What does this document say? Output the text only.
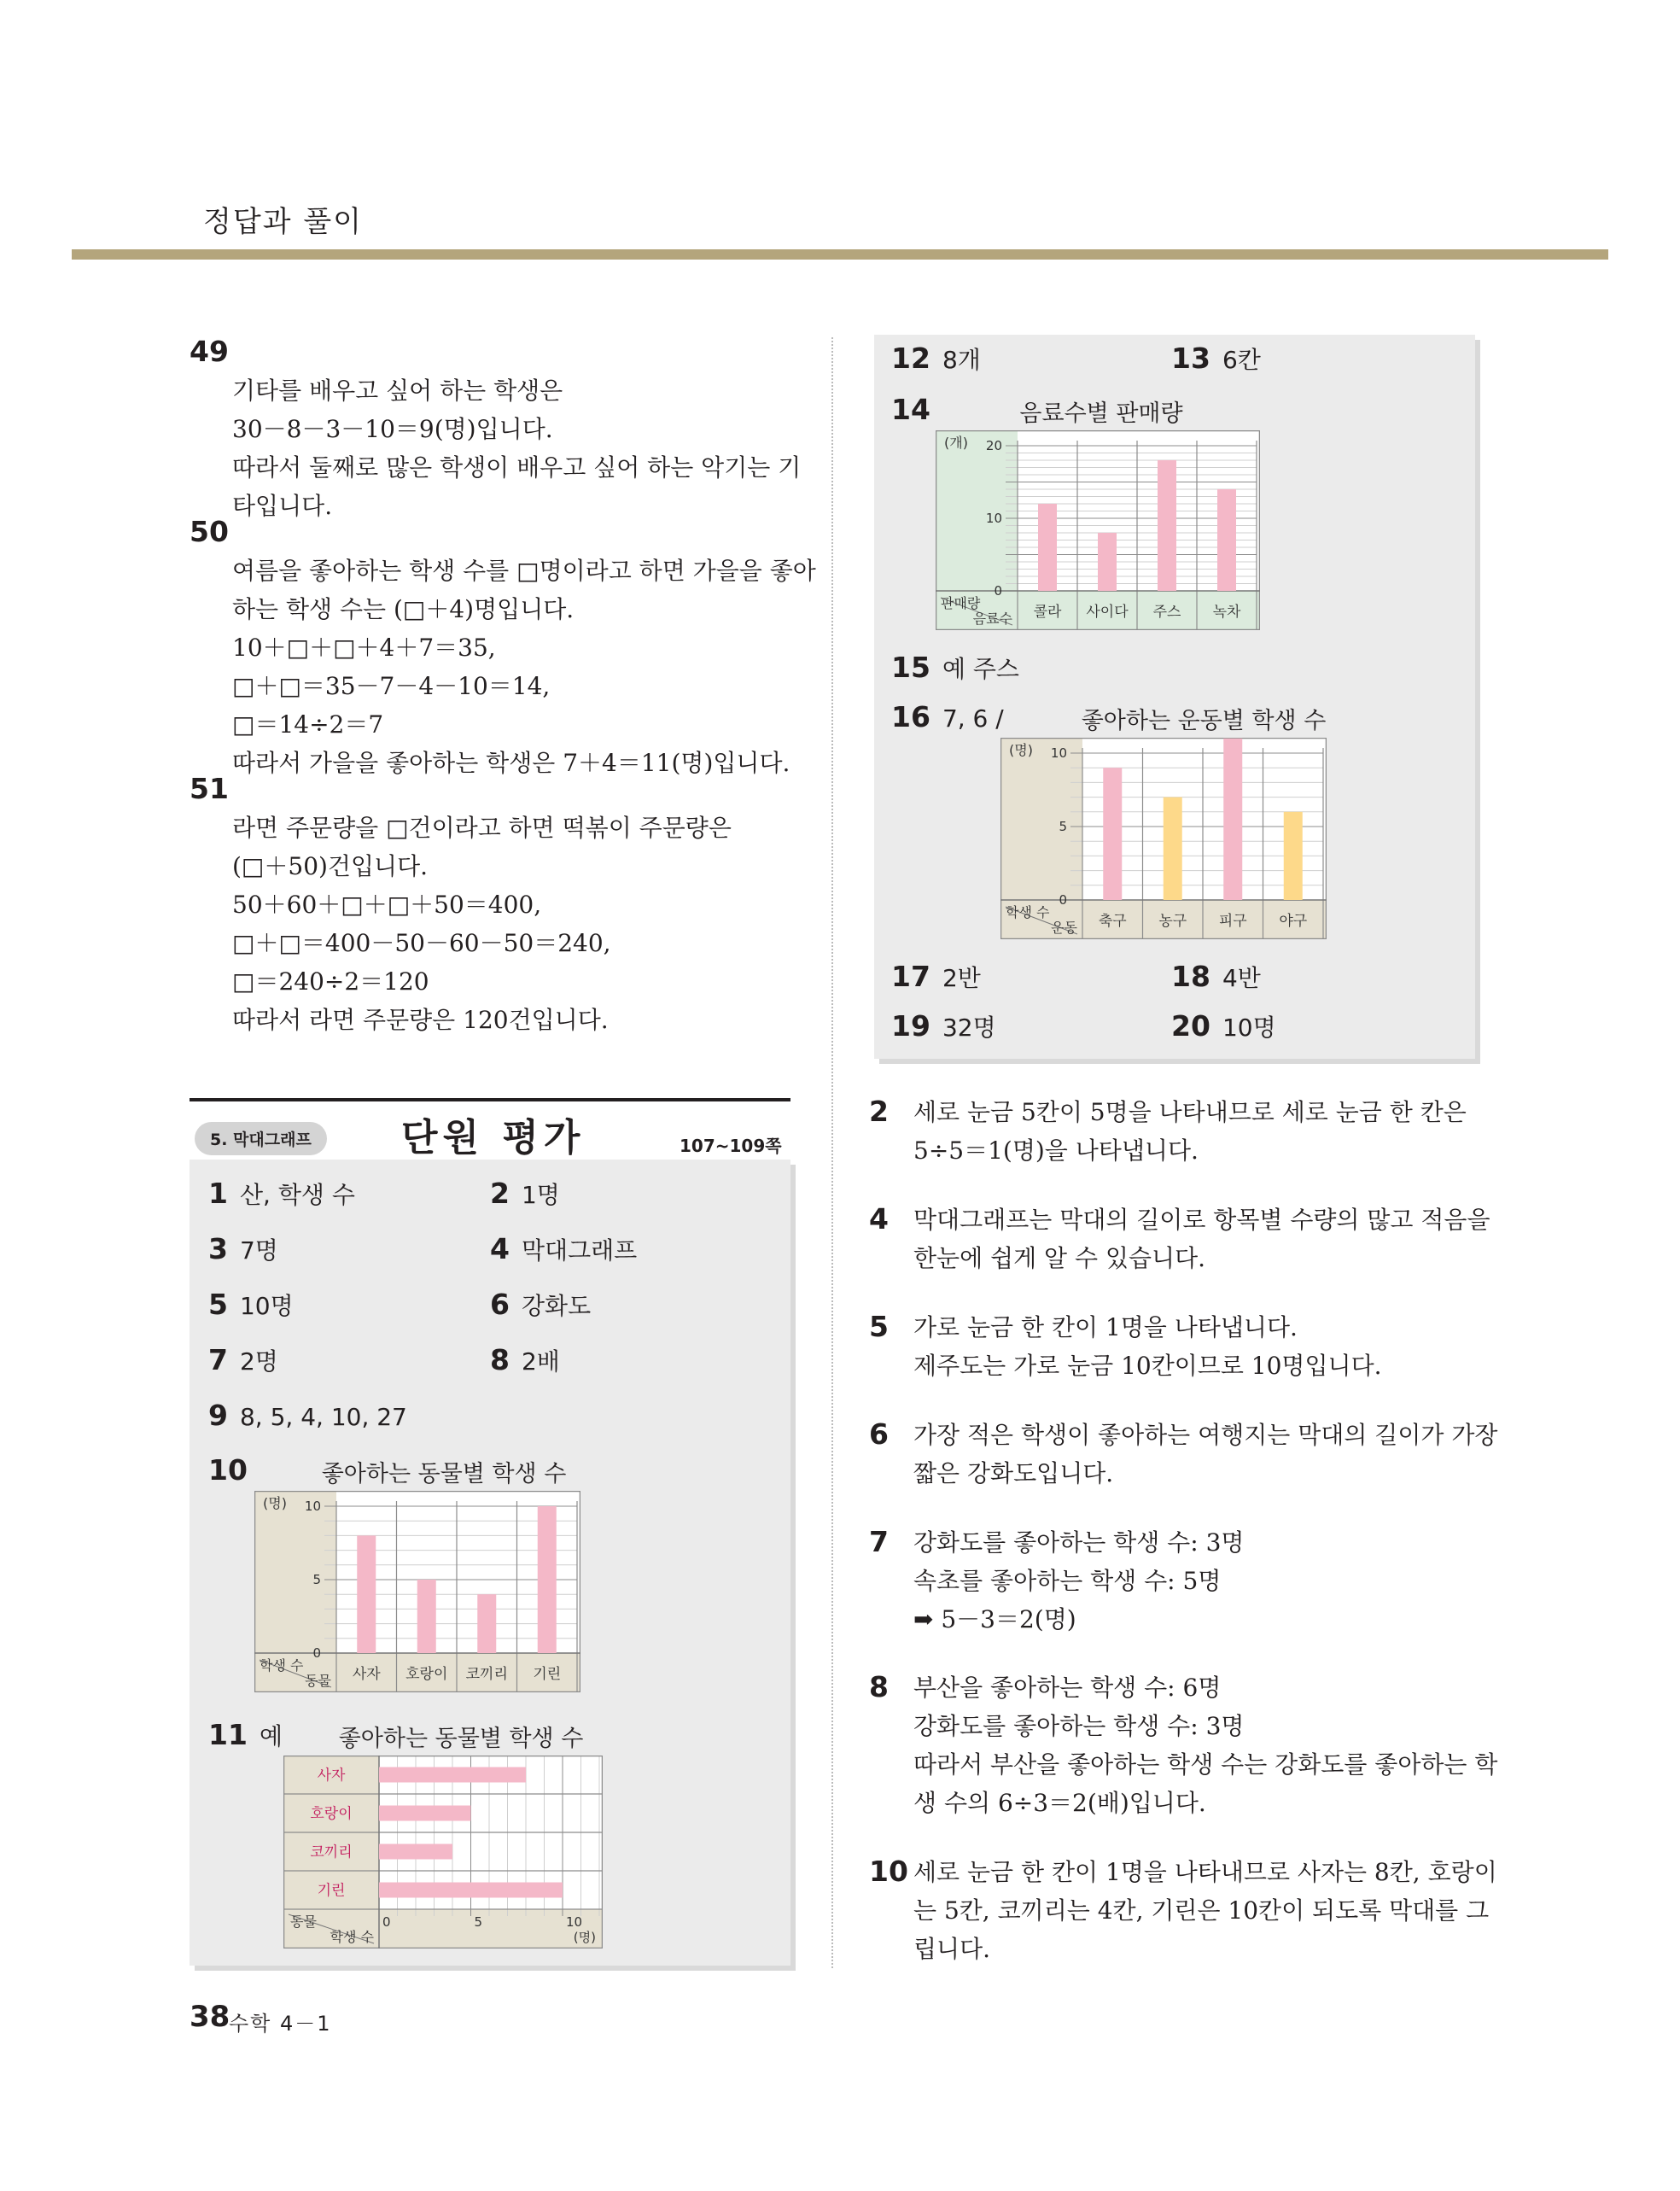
정답과 풀이
49

기타를 배우고 싶어 하는 학생은
30－8－3－10＝9(명)입니다.
따라서 둘째로 많은 학생이 배우고 싶어 하는 악기는 기
타입니다.

50

여름을 좋아하는 학생 수를 □명이라고 하면 가을을 좋아
하는 학생 수는 (□＋4)명입니다.
10＋□＋□＋4＋7＝35,
□＋□＝35－7－4－10＝14,
□＝14÷2＝7
따라서 가을을 좋아하는 학생은 7＋4＝11(명)입니다.

51

라면 주문량을 □건이라고 하면 떡볶이 주문량은
(□＋50)건입니다.
50＋60＋□＋□＋50＝400,
□＋□＝400－50－60－50＝240,
□＝240÷2＝120
따라서 라면 주문량은 120건입니다.

5. 막대그래프	단원 평가	107~109쪽
1 산, 학생 수	2 1명
3 7명	4 막대그래프
5 10명	6 강화도
7 2명	8 2배
9 8, 5, 4, 10, 27
10
11 예
좋아하는 동물별 학생 수
(명)
학생 수
동물
0
5
10
사자 호랑이 코끼리 기린
좋아하는 동물별 학생 수
동물
학생 수	(명)
0	5	10
사자
호랑이
코끼리
기린
12 8개	13 6칸
14	음료수별 판매량
(개)
판매량
음료수
0
10
20
콜라 사이다 주스 녹차
15 예 주스
16 7, 6 /	좋아하는 운동별 학생 수
(명)
학생 수
운동
0
5
10
축구 농구 피구 야구
17 2반	18 4반
19 32명	20 10명
2 세로 눈금 5칸이 5명을 나타내므로 세로 눈금 한 칸은
5÷5＝1(명)을 나타냅니다.
4 막대그래프는 막대의 길이로 항목별 수량의 많고 적음을
한눈에 쉽게 알 수 있습니다.
5 가로 눈금 한 칸이 1명을 나타냅니다.
제주도는 가로 눈금 10칸이므로 10명입니다.
6 가장 적은 학생이 좋아하는 여행지는 막대의 길이가 가장
짧은 강화도입니다.
7 강화도를 좋아하는 학생 수: 3명
속초를 좋아하는 학생 수: 5명
➡ 5－3＝2(명)
8 부산을 좋아하는 학생 수: 6명
강화도를 좋아하는 학생 수: 3명
따라서 부산을 좋아하는 학생 수는 강화도를 좋아하는 학
생 수의 6÷3＝2(배)입니다.
10 세로 눈금 한 칸이 1명을 나타내므로 사자는 8칸, 호랑이
는 5칸, 코끼리는 4칸, 기린은 10칸이 되도록 막대를 그
립니다.
38
수학 4－1
